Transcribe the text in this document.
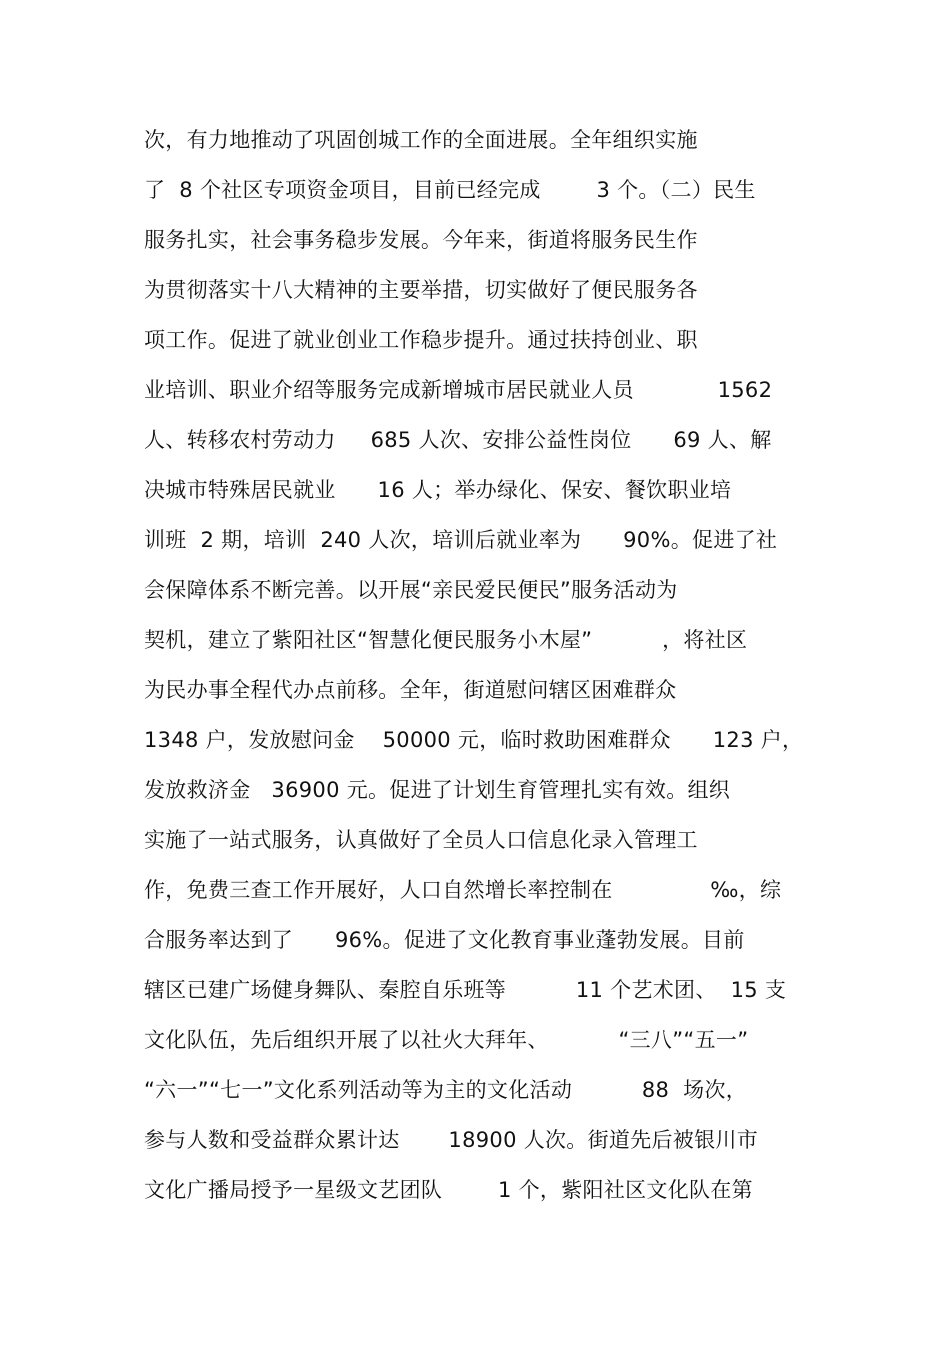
次，有力地推动了巩固创城工作的全面进展。全年组织实施
了  8 个社区专项资金项目，目前已经完成        3 个。（二）民生
服务扎实，社会事务稳步发展。今年来，街道将服务民生作
为贯彻落实十八大精神的主要举措，切实做好了便民服务各
项工作。促进了就业创业工作稳步提升。通过扶持创业、职
业培训、职业介绍等服务完成新增城市居民就业人员            1562
人、转移农村劳动力     685 人次、安排公益性岗位      69 人、解
决城市特殊居民就业      16 人；举办绿化、保安、餐饮职业培
训班  2 期，培训  240 人次，培训后就业率为      90%。促进了社
会保障体系不断完善。以开展“亲民爱民便民”服务活动为
契机，建立了紫阳社区“智慧化便民服务小木屋”          ，将社区
为民办事全程代办点前移。全年，街道慰问辖区困难群众
1348 户，发放慰问金    50000 元，临时救助困难群众      123 户，
发放救济金   36900 元。促进了计划生育管理扎实有效。组织
实施了一站式服务，认真做好了全员人口信息化录入管理工
作，免费三查工作开展好，人口自然增长率控制在              ‰，综
合服务率达到了      96%。促进了文化教育事业蓬勃发展。目前
辖区已建广场健身舞队、秦腔自乐班等          11 个艺术团、  15 支
文化队伍，先后组织开展了以社火大拜年、          “三八”“五一”
“六一”“七一”文化系列活动等为主的文化活动          88  场次，
参与人数和受益群众累计达       18900 人次。街道先后被银川市
文化广播局授予一星级文艺团队        1 个，紫阳社区文化队在第
